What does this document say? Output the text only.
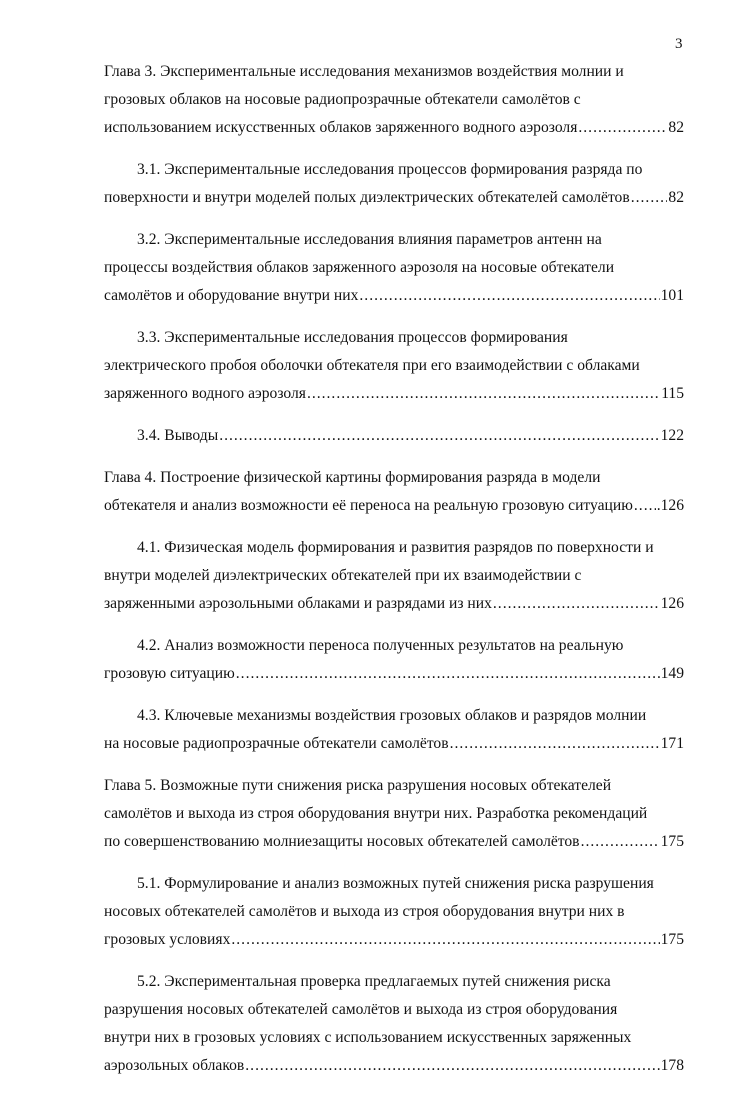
3
Глава 3. Экспериментальные исследования механизмов воздействия молнии и
грозовых облаков на носовые радиопрозрачные обтекатели самолётов с
использованием искусственных облаков заряженного водного аэрозоля .....	82
3.1. Экспериментальные исследования процессов формирования разряда по
поверхности и внутри моделей полых диэлектрических обтекателей самолётов ..... 82
3.2. Экспериментальные исследования влияния параметров антенн на
процессы воздействия облаков заряженного аэрозоля на носовые обтекатели
самолётов и оборудование внутри них .....	101
3.3. Экспериментальные исследования процессов формирования
электрического пробоя оболочки обтекателя при его взаимодействии с облаками
заряженного водного аэрозоля .....	115
3.4. Выводы .....	122
Глава 4. Построение физической картины формирования разряда в модели
обтекателя и анализ возможности её переноса на реальную грозовую ситуацию ..... .126
4.1. Физическая модель формирования и развития разрядов по поверхности и
внутри моделей диэлектрических обтекателей при их взаимодействии с
заряженными аэрозольными облаками и разрядами из них .....	126
4.2. Анализ возможности переноса полученных результатов на реальную
грозовую ситуацию .....	149
4.3. Ключевые механизмы воздействия грозовых облаков и разрядов молнии
на носовые радиопрозрачные обтекатели самолётов .....	171
Глава 5. Возможные пути снижения риска разрушения носовых обтекателей
самолётов и выхода из строя оборудования внутри них. Разработка рекомендаций
по совершенствованию молниезащиты носовых обтекателей самолётов .....	175
5.1. Формулирование и анализ возможных путей снижения риска разрушения
носовых обтекателей самолётов и выхода из строя оборудования внутри них в
грозовых условиях .....	175
5.2. Экспериментальная проверка предлагаемых путей снижения риска
разрушения носовых обтекателей самолётов и выхода из строя оборудования
внутри них в грозовых условиях с использованием искусственных заряженных
аэрозольных облаков .....	178
